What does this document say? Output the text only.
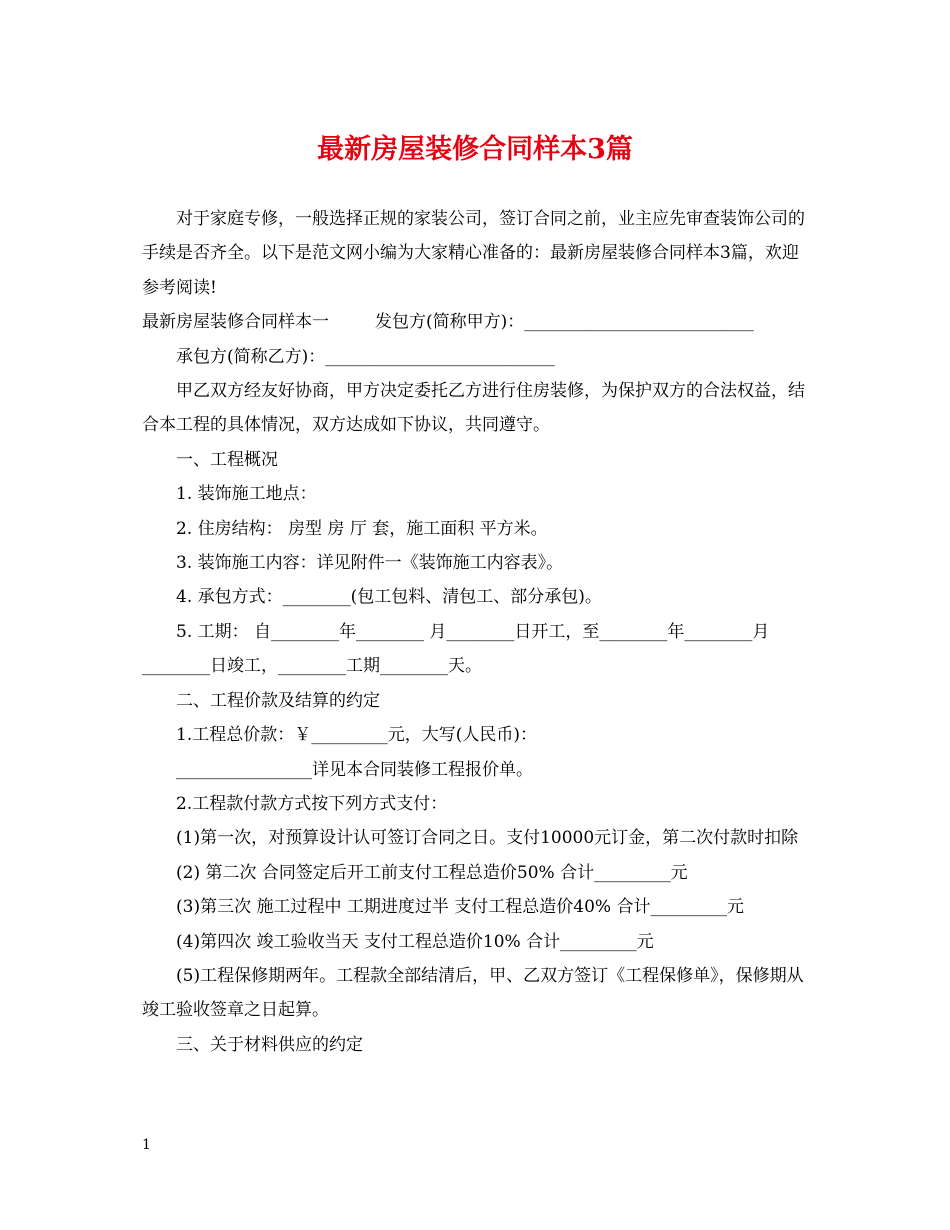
最新房屋装修合同样本3篇

对于家庭专修，一般选择正规的家装公司，签订合同之前，业主应先审查装饰公司的手续是否齐全。以下是范文网小编为大家精心准备的：最新房屋装修合同样本3篇，欢迎参考阅读!

最新房屋装修合同样本一	发包方(简称甲方)：___________________________

承包方(简称乙方)：___________________________

甲乙双方经友好协商，甲方决定委托乙方进行住房装修，为保护双方的合法权益，结合本工程的具体情况，双方达成如下协议，共同遵守。

一、工程概况

1. 装饰施工地点：

2. 住房结构： 房型 房 厅 套，施工面积 平方米。

3. 装饰施工内容：详见附件一《装饰施工内容表》。

4. 承包方式：________(包工包料、清包工、部分承包)。

5. 工期： 自________年________ 月________日开工，至________年________月________日竣工，________工期________天。

二、工程价款及结算的约定

1.工程总价款：￥_________元，大写(人民币)：

________________详见本合同装修工程报价单。

2.工程款付款方式按下列方式支付：

(1)第一次，对预算设计认可签订合同之日。支付10000元订金，第二次付款时扣除

(2) 第二次 合同签定后开工前支付工程总造价50% 合计_________元

(3)第三次 施工过程中 工期进度过半 支付工程总造价40% 合计_________元

(4)第四次 竣工验收当天 支付工程总造价10% 合计_________元

(5)工程保修期两年。工程款全部结清后，甲、乙双方签订《工程保修单》，保修期从竣工验收签章之日起算。

三、关于材料供应的约定

1
